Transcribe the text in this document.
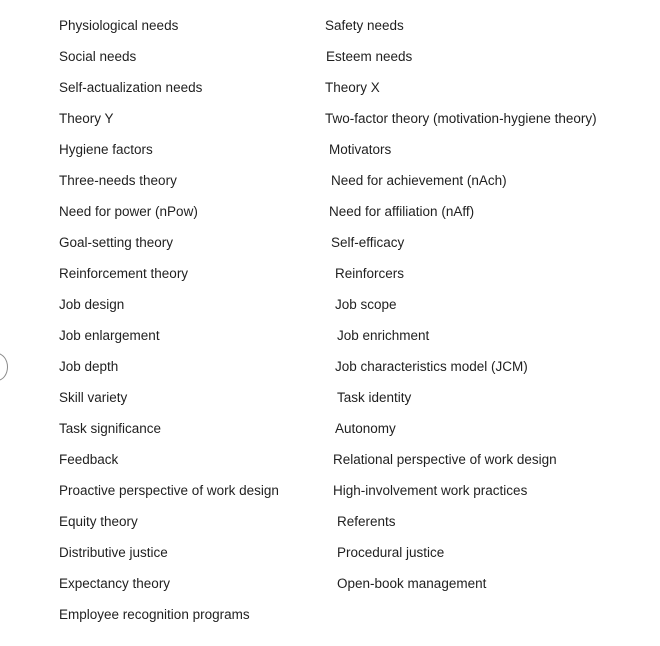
Physiological needs
Social needs
Self-actualization needs
Theory Y
Hygiene factors
Three-needs theory
Need for power (nPow)
Goal-setting theory
Reinforcement theory
Job design
Job enlargement
Job depth
Skill variety
Task significance
Feedback
Proactive perspective of work design
Equity theory
Distributive justice
Expectancy theory
Employee recognition programs
Safety needs
Esteem needs
Theory X
Two-factor theory (motivation-hygiene theory)
Motivators
Need for achievement (nAch)
Need for affiliation (nAff)
Self-efficacy
Reinforcers
Job scope
Job enrichment
Job characteristics model (JCM)
Task identity
Autonomy
Relational perspective of work design
High-involvement work practices
Referents
Procedural justice
Open-book management
